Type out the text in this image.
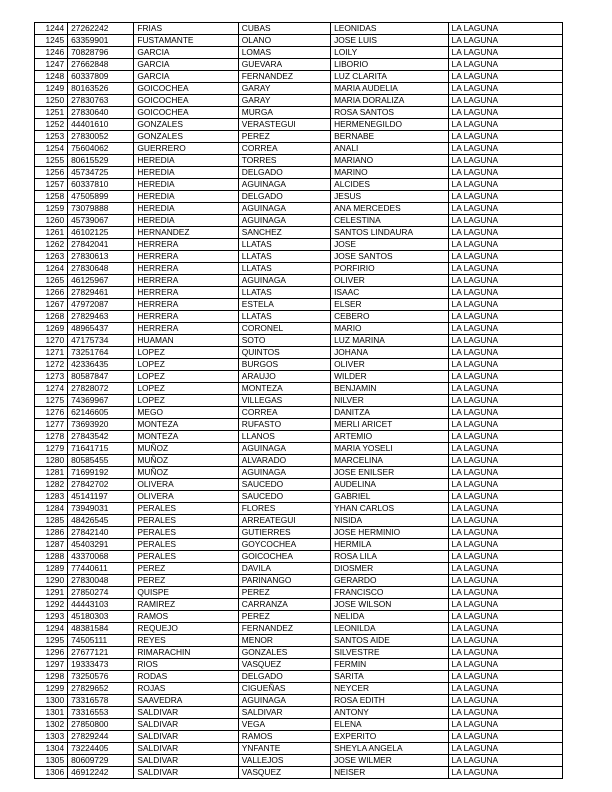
1244	27262242	FRIAS	CUBAS	LEONIDAS	LA LAGUNA
1245	63359901	FUSTAMANTE	OLANO	JOSE LUIS	LA LAGUNA
1246	70828796	GARCIA	LOMAS	LOILY	LA LAGUNA
1247	27662848	GARCIA	GUEVARA	LIBORIO	LA LAGUNA
1248	60337809	GARCIA	FERNANDEZ	LUZ CLARITA	LA LAGUNA
1249	80163526	GOICOCHEA	GARAY	MARIA AUDELIA	LA LAGUNA
1250	27830763	GOICOCHEA	GARAY	MARIA DORALIZA	LA LAGUNA
1251	27830640	GOICOCHEA	MURGA	ROSA SANTOS	LA LAGUNA
1252	44401610	GONZALES	VERASTEGUI	HERMENEGILDO	LA LAGUNA
1253	27830052	GONZALES	PEREZ	BERNABE	LA LAGUNA
1254	75604062	GUERRERO	CORREA	ANALI	LA LAGUNA
1255	80615529	HEREDIA	TORRES	MARIANO	LA LAGUNA
1256	45734725	HEREDIA	DELGADO	MARINO	LA LAGUNA
1257	60337810	HEREDIA	AGUINAGA	ALCIDES	LA LAGUNA
1258	47505899	HEREDIA	DELGADO	JESUS	LA LAGUNA
1259	73079888	HEREDIA	AGUINAGA	ANA MERCEDES	LA LAGUNA
1260	45739067	HEREDIA	AGUINAGA	CELESTINA	LA LAGUNA
1261	46102125	HERNANDEZ	SANCHEZ	SANTOS LINDAURA	LA LAGUNA
1262	27842041	HERRERA	LLATAS	JOSE	LA LAGUNA
1263	27830613	HERRERA	LLATAS	JOSE SANTOS	LA LAGUNA
1264	27830648	HERRERA	LLATAS	PORFIRIO	LA LAGUNA
1265	46125967	HERRERA	AGUINAGA	OLIVER	LA LAGUNA
1266	27829461	HERRERA	LLATAS	ISAAC	LA LAGUNA
1267	47972087	HERRERA	ESTELA	ELSER	LA LAGUNA
1268	27829463	HERRERA	LLATAS	CEBERO	LA LAGUNA
1269	48965437	HERRERA	CORONEL	MARIO	LA LAGUNA
1270	47175734	HUAMAN	SOTO	LUZ MARINA	LA LAGUNA
1271	73251764	LOPEZ	QUINTOS	JOHANA	LA LAGUNA
1272	42336435	LOPEZ	BURGOS	OLIVER	LA LAGUNA
1273	80587847	LOPEZ	ARAUJO	WILDER	LA LAGUNA
1274	27828072	LOPEZ	MONTEZA	BENJAMIN	LA LAGUNA
1275	74369967	LOPEZ	VILLEGAS	NILVER	LA LAGUNA
1276	62146605	MEGO	CORREA	DANITZA	LA LAGUNA
1277	73693920	MONTEZA	RUFASTO	MERLI ARICET	LA LAGUNA
1278	27843542	MONTEZA	LLANOS	ARTEMIO	LA LAGUNA
1279	71641715	MUÑOZ	AGUINAGA	MARIA YOSELI	LA LAGUNA
1280	80585455	MUÑOZ	ALVARADO	MARCELINA	LA LAGUNA
1281	71699192	MUÑOZ	AGUINAGA	JOSE ENILSER	LA LAGUNA
1282	27842702	OLIVERA	SAUCEDO	AUDELINA	LA LAGUNA
1283	45141197	OLIVERA	SAUCEDO	GABRIEL	LA LAGUNA
1284	73949031	PERALES	FLORES	YHAN CARLOS	LA LAGUNA
1285	48426545	PERALES	ARREATEGUI	NISIDA	LA LAGUNA
1286	27842140	PERALES	GUTIERRES	JOSE HERMINIO	LA LAGUNA
1287	45403291	PERALES	GOYCOCHEA	HERMILA	LA LAGUNA
1288	43370068	PERALES	GOICOCHEA	ROSA LILA	LA LAGUNA
1289	77440611	PEREZ	DAVILA	DIOSMER	LA LAGUNA
1290	27830048	PEREZ	PARINANGO	GERARDO	LA LAGUNA
1291	27850274	QUISPE	PEREZ	FRANCISCO	LA LAGUNA
1292	44443103	RAMIREZ	CARRANZA	JOSE WILSON	LA LAGUNA
1293	45180303	RAMOS	PEREZ	NELIDA	LA LAGUNA
1294	48381584	REQUEJO	FERNANDEZ	LEONILDA	LA LAGUNA
1295	74505111	REYES	MENOR	SANTOS AIDE	LA LAGUNA
1296	27677121	RIMARACHIN	GONZALES	SILVESTRE	LA LAGUNA
1297	19333473	RIOS	VASQUEZ	FERMIN	LA LAGUNA
1298	73250576	RODAS	DELGADO	SARITA	LA LAGUNA
1299	27829652	ROJAS	CIGUEÑAS	NEYCER	LA LAGUNA
1300	73316578	SAAVEDRA	AGUINAGA	ROSA EDITH	LA LAGUNA
1301	73316553	SALDIVAR	SALDIVAR	ANTONY	LA LAGUNA
1302	27850800	SALDIVAR	VEGA	ELENA	LA LAGUNA
1303	27829244	SALDIVAR	RAMOS	EXPERITO	LA LAGUNA
1304	73224405	SALDIVAR	YNFANTE	SHEYLA ANGELA	LA LAGUNA
1305	80609729	SALDIVAR	VALLEJOS	JOSE WILMER	LA LAGUNA
1306	46912242	SALDIVAR	VASQUEZ	NEISER	LA LAGUNA
